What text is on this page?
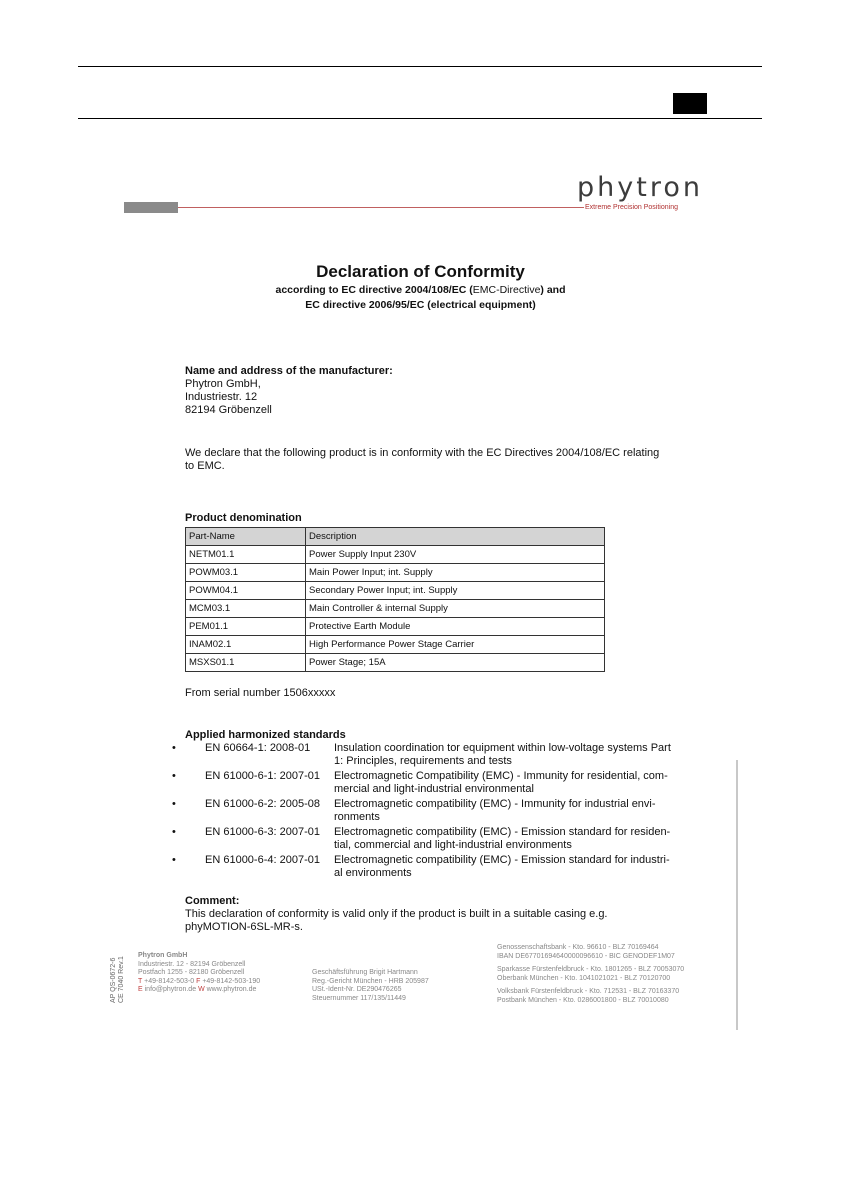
phytron
Extreme Precision Positioning
Declaration of Conformity
according to EC directive 2004/108/EC (EMC-Directive) and
EC directive 2006/95/EC (electrical equipment)
Name and address of the manufacturer:
Phytron GmbH,
Industriestr. 12
82194 Gröbenzell
We declare that the following product is in conformity with the EC Directives 2004/108/EC relating
to EMC.
Product denomination
Part-Name	Description
NETM01.1	Power Supply Input 230V
POWM03.1	Main Power Input; int. Supply
POWM04.1	Secondary Power Input; int. Supply
MCM03.1	Main Controller & internal Supply
PEM01.1	Protective Earth Module
INAM02.1	High Performance Power Stage Carrier
MSXS01.1	Power Stage; 15A
From serial number 1506xxxxx
Applied harmonized standards
•	EN 60664-1: 2008-01 Insulation coordination tor equipment within low-voltage systems Part
1: Principles, requirements and tests
•	EN 61000-6-1: 2007-01 Electromagnetic Compatibility (EMC) - Immunity for residential, com-
mercial and light-industrial environmental
•	EN 61000-6-2: 2005-08 Electromagnetic compatibility (EMC) - Immunity for industrial envi-
ronments
•	EN 61000-6-3: 2007-01 Electromagnetic compatibility (EMC) - Emission standard for residen-
tial, commercial and light-industrial environments
•	EN 61000-6-4: 2007-01 Electromagnetic compatibility (EMC) - Emission standard for industri-
al environments
Comment:
This declaration of conformity is valid only if the product is built in a suitable casing e.g.
phyMOTION-6SL-MR-s.
AP QS-0672-6
CE 7040 Rev.1
Phytron GmbH
Industriestr. 12 - 82194 Gröbenzell
Postfach 1255 - 82180 Gröbenzell
T +49-8142-503-0 F +49-8142-503-190
E info@phytron.de W www.phytron.de
Geschäftsführung Brigit Hartmann
Reg.-Gericht München - HRB 205987
USt.-Ident-Nr. DE290476265
Steuernummer 117/135/11449
Genossenschaftsbank - Kto. 96610 - BLZ 70169464
IBAN DE67701694640000096610 - BIC GENODEF1M07
Sparkasse Fürstenfeldbruck - Kto. 1801265 - BLZ 70053070
Oberbank München - Kto. 1041021021 - BLZ 70120700
Volksbank Fürstenfeldbruck - Kto. 712531 - BLZ 70163370
Postbank München - Kto. 0286001800 - BLZ 70010080
